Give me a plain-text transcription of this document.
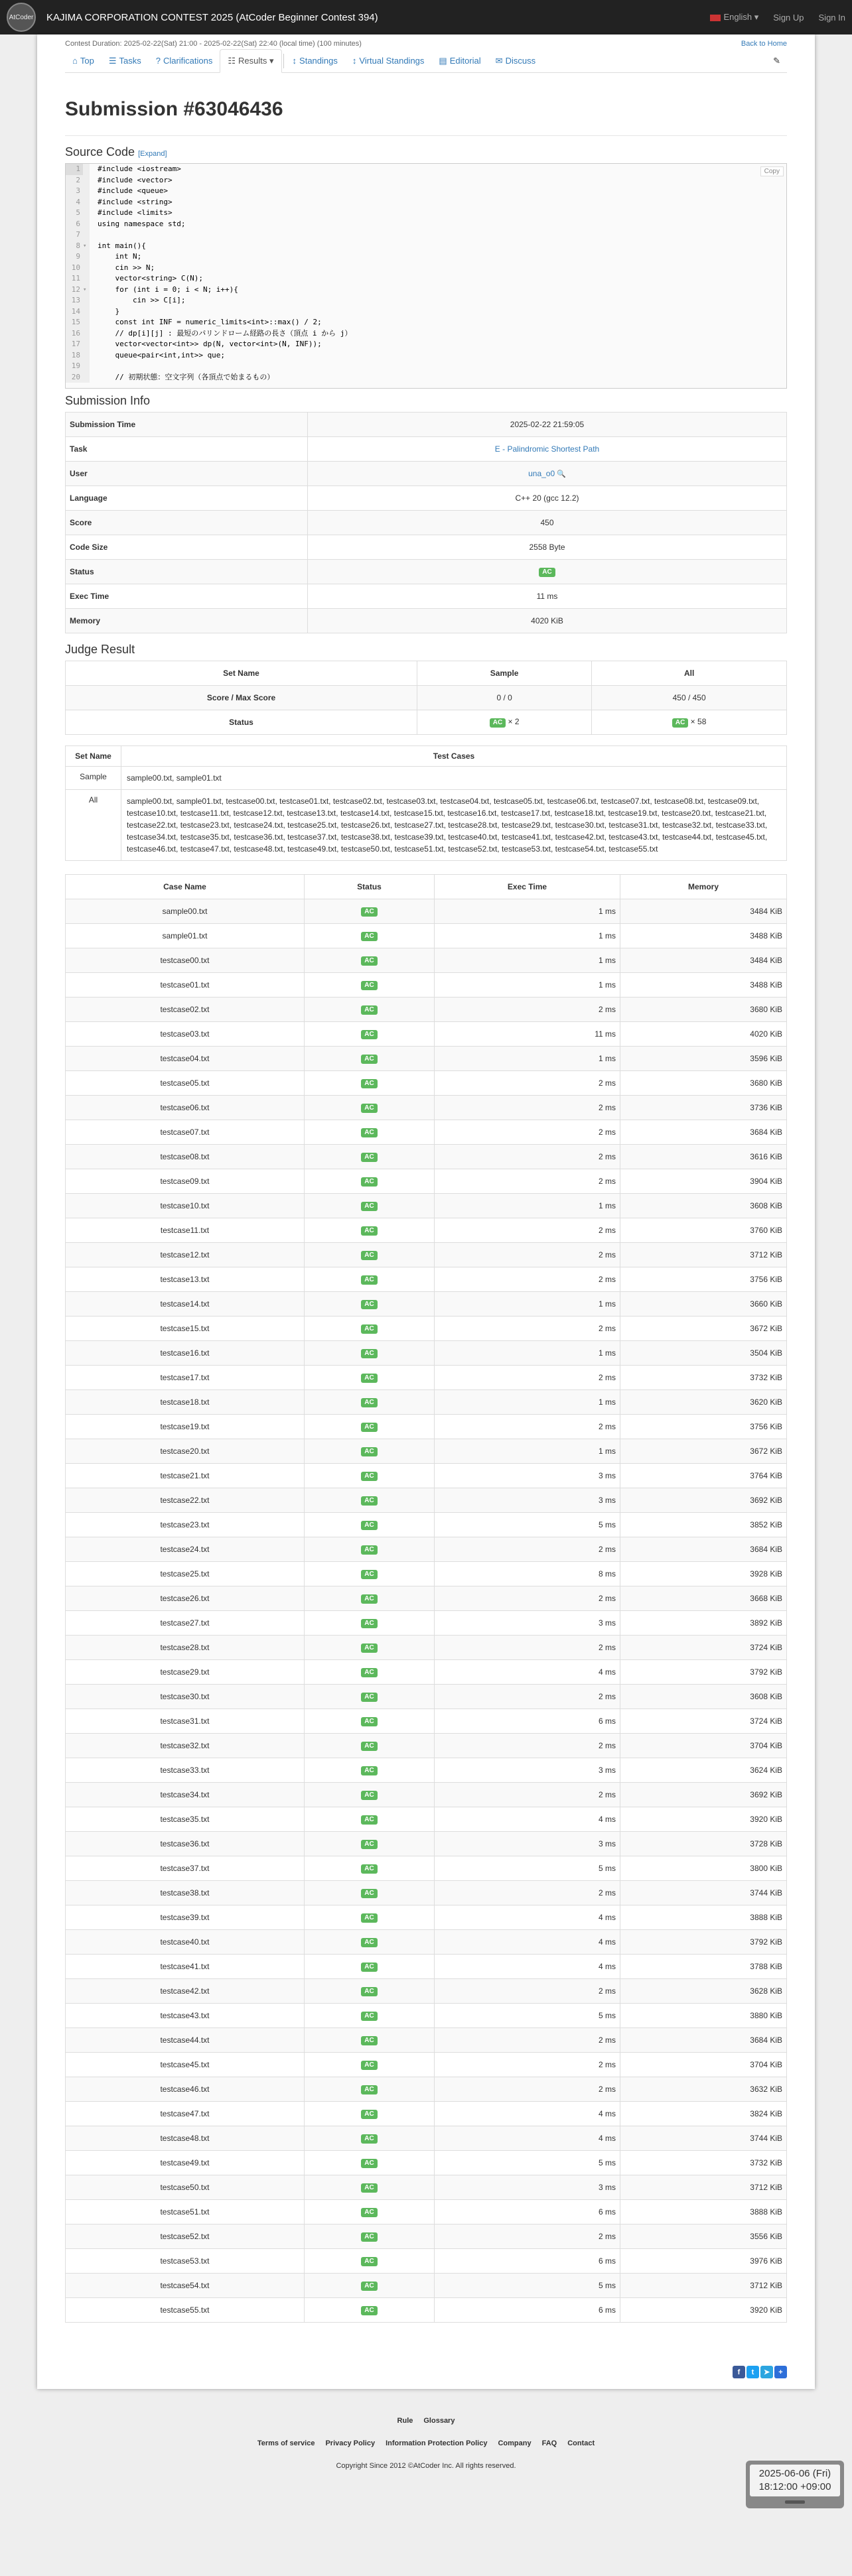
AtCoder KAJIMA CORPORATION CONTEST 2025 (AtCoder Beginner Contest 394)	English ▾ Sign Up Sign In
Contest Duration: 2025-02-22(Sat) 21:00 - 2025-02-22(Sat) 22:40 (local time) (100 minutes)	Back to Home
⌂ Top ☰ Tasks ? Clarifications ☷ Results ▾ ↕ Standings ↕ Virtual Standings ▤ Editorial ✉ Discuss	✎
Submission #63046436
Source Code [Expand]
Copy
1	#include <iostream>
2	#include <vector>
3	#include <queue>
4	#include <string>
5	#include <limits>
6	using namespace std;
7
8 ▾	int main(){
9	int N;
10	cin >> N;
11	vector<string> C(N);
12 ▾	for (int i = 0; i < N; i++){
13	cin >> C[i];
14	}
15	const int INF = numeric_limits<int>::max() / 2;
16	// dp[i][j] : 最短のパリンドローム経路の長さ（頂点 i から j）
17	vector<vector<int>> dp(N, vector<int>(N, INF));
18	queue<pair<int,int>> que;
19
20	// 初期状態：空文字列（各頂点で始まるもの）
Submission Info
Submission Time	2025-02-22 21:59:05
Task	E - Palindromic Shortest Path
User	una_o0 🔍
Language	C++ 20 (gcc 12.2)
Score	450
Code Size	2558 Byte
Status	AC
Exec Time	11 ms
Memory	4020 KiB
Judge Result
Set Name	Sample	All
Score / Max Score	0 / 0	450 / 450
Status	AC × 2	AC × 58
Set Name	Test Cases
Sample	sample00.txt, sample01.txt
All	sample00.txt, sample01.txt, testcase00.txt, testcase01.txt, testcase02.txt, testcase03.txt, testcase04.txt, testcase05.txt, testcase06.txt, testcase07.txt, testcase08.txt, testcase09.txt, testcase10.txt, testcase11.txt, testcase12.txt, testcase13.txt, testcase14.txt, testcase15.txt, testcase16.txt, testcase17.txt, testcase18.txt, testcase19.txt, testcase20.txt, testcase21.txt, testcase22.txt, testcase23.txt, testcase24.txt, testcase25.txt, testcase26.txt, testcase27.txt, testcase28.txt, testcase29.txt, testcase30.txt, testcase31.txt, testcase32.txt, testcase33.txt, testcase34.txt, testcase35.txt, testcase36.txt, testcase37.txt, testcase38.txt, testcase39.txt, testcase40.txt, testcase41.txt, testcase42.txt, testcase43.txt, testcase44.txt, testcase45.txt, testcase46.txt, testcase47.txt, testcase48.txt, testcase49.txt, testcase50.txt, testcase51.txt, testcase52.txt, testcase53.txt, testcase54.txt, testcase55.txt
Case Name	Status	Exec Time	Memory
sample00.txt	AC	1 ms	3484 KiB
sample01.txt	AC	1 ms	3488 KiB
testcase00.txt	AC	1 ms	3484 KiB
testcase01.txt	AC	1 ms	3488 KiB
testcase02.txt	AC	2 ms	3680 KiB
testcase03.txt	AC	11 ms	4020 KiB
testcase04.txt	AC	1 ms	3596 KiB
testcase05.txt	AC	2 ms	3680 KiB
testcase06.txt	AC	2 ms	3736 KiB
testcase07.txt	AC	2 ms	3684 KiB
testcase08.txt	AC	2 ms	3616 KiB
testcase09.txt	AC	2 ms	3904 KiB
testcase10.txt	AC	1 ms	3608 KiB
testcase11.txt	AC	2 ms	3760 KiB
testcase12.txt	AC	2 ms	3712 KiB
testcase13.txt	AC	2 ms	3756 KiB
testcase14.txt	AC	1 ms	3660 KiB
testcase15.txt	AC	2 ms	3672 KiB
testcase16.txt	AC	1 ms	3504 KiB
testcase17.txt	AC	2 ms	3732 KiB
testcase18.txt	AC	1 ms	3620 KiB
testcase19.txt	AC	2 ms	3756 KiB
testcase20.txt	AC	1 ms	3672 KiB
testcase21.txt	AC	3 ms	3764 KiB
testcase22.txt	AC	3 ms	3692 KiB
testcase23.txt	AC	5 ms	3852 KiB
testcase24.txt	AC	2 ms	3684 KiB
testcase25.txt	AC	8 ms	3928 KiB
testcase26.txt	AC	2 ms	3668 KiB
testcase27.txt	AC	3 ms	3892 KiB
testcase28.txt	AC	2 ms	3724 KiB
testcase29.txt	AC	4 ms	3792 KiB
testcase30.txt	AC	2 ms	3608 KiB
testcase31.txt	AC	6 ms	3724 KiB
testcase32.txt	AC	2 ms	3704 KiB
testcase33.txt	AC	3 ms	3624 KiB
testcase34.txt	AC	2 ms	3692 KiB
testcase35.txt	AC	4 ms	3920 KiB
testcase36.txt	AC	3 ms	3728 KiB
testcase37.txt	AC	5 ms	3800 KiB
testcase38.txt	AC	2 ms	3744 KiB
testcase39.txt	AC	4 ms	3888 KiB
testcase40.txt	AC	4 ms	3792 KiB
testcase41.txt	AC	4 ms	3788 KiB
testcase42.txt	AC	2 ms	3628 KiB
testcase43.txt	AC	5 ms	3880 KiB
testcase44.txt	AC	2 ms	3684 KiB
testcase45.txt	AC	2 ms	3704 KiB
testcase46.txt	AC	2 ms	3632 KiB
testcase47.txt	AC	4 ms	3824 KiB
testcase48.txt	AC	4 ms	3744 KiB
testcase49.txt	AC	5 ms	3732 KiB
testcase50.txt	AC	3 ms	3712 KiB
testcase51.txt	AC	6 ms	3888 KiB
testcase52.txt	AC	2 ms	3556 KiB
testcase53.txt	AC	6 ms	3976 KiB
testcase54.txt	AC	5 ms	3712 KiB
testcase55.txt	AC	6 ms	3920 KiB
f	t	➤	+
Rule Glossary
Terms of service Privacy Policy Information Protection Policy Company FAQ Contact
Copyright Since 2012 ©AtCoder Inc. All rights reserved.
2025-06-06 (Fri)
18:12:00 +09:00
